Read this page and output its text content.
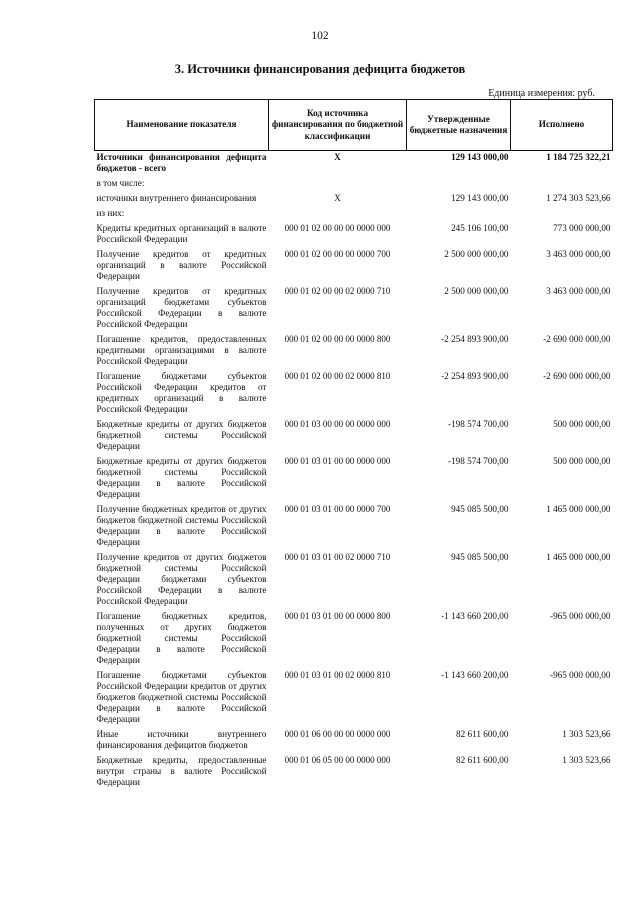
102
3. Источники финансирования дефицита бюджетов
Единица измерения: руб.
Наименование показателя	Код источника финансирования по бюджетной классификации	Утвержденные бюджетные назначения	Исполнено
Источники финансирования дефицита бюджетов - всего	X	129 143 000,00	1 184 725 322,21
в том числе:			
источники внутреннего финансирования	X	129 143 000,00	1 274 303 523,66
из них:			
Кредиты кредитных организаций в валюте Российской Федерации	000 01 02 00 00 00 0000 000	245 106 100,00	773 000 000,00
Получение кредитов от кредитных организаций в валюте Российской Федерации	000 01 02 00 00 00 0000 700	2 500 000 000,00	3 463 000 000,00
Получение кредитов от кредитных организаций бюджетами субъектов Российской Федерации в валюте Российской Федерации	000 01 02 00 00 02 0000 710	2 500 000 000,00	3 463 000 000,00
Погашение кредитов, предоставленных кредитными организациями в валюте Российской Федерации	000 01 02 00 00 00 0000 800	-2 254 893 900,00	-2 690 000 000,00
Погашение бюджетами субъектов Российской Федерации кредитов от кредитных организаций в валюте Российской Федерации	000 01 02 00 00 02 0000 810	-2 254 893 900,00	-2 690 000 000,00
Бюджетные кредиты от других бюджетов бюджетной системы Российской Федерации	000 01 03 00 00 00 0000 000	-198 574 700,00	500 000 000,00
Бюджетные кредиты от других бюджетов бюджетной системы Российской Федерации в валюте Российской Федерации	000 01 03 01 00 00 0000 000	-198 574 700,00	500 000 000,00
Получение бюджетных кредитов от других бюджетов бюджетной системы Российской Федерации в валюте Российской Федерации	000 01 03 01 00 00 0000 700	945 085 500,00	1 465 000 000,00
Получение кредитов от других бюджетов бюджетной системы Российской Федерации бюджетами субъектов Российской Федерации в валюте Российской Федерации	000 01 03 01 00 02 0000 710	945 085 500,00	1 465 000 000,00
Погашение бюджетных кредитов, полученных от других бюджетов бюджетной системы Российской Федерации в валюте Российской Федерации	000 01 03 01 00 00 0000 800	-1 143 660 200,00	-965 000 000,00
Погашение бюджетами субъектов Российской Федерации кредитов от других бюджетов бюджетной системы Российской Федерации в валюте Российской Федерации	000 01 03 01 00 02 0000 810	-1 143 660 200,00	-965 000 000,00
Иные источники внутреннего финансирования дефицитов бюджетов	000 01 06 00 00 00 0000 000	82 611 600,00	1 303 523,66
Бюджетные кредиты, предоставленные внутри страны в валюте Российской Федерации	000 01 06 05 00 00 0000 000	82 611 600,00	1 303 523,66
